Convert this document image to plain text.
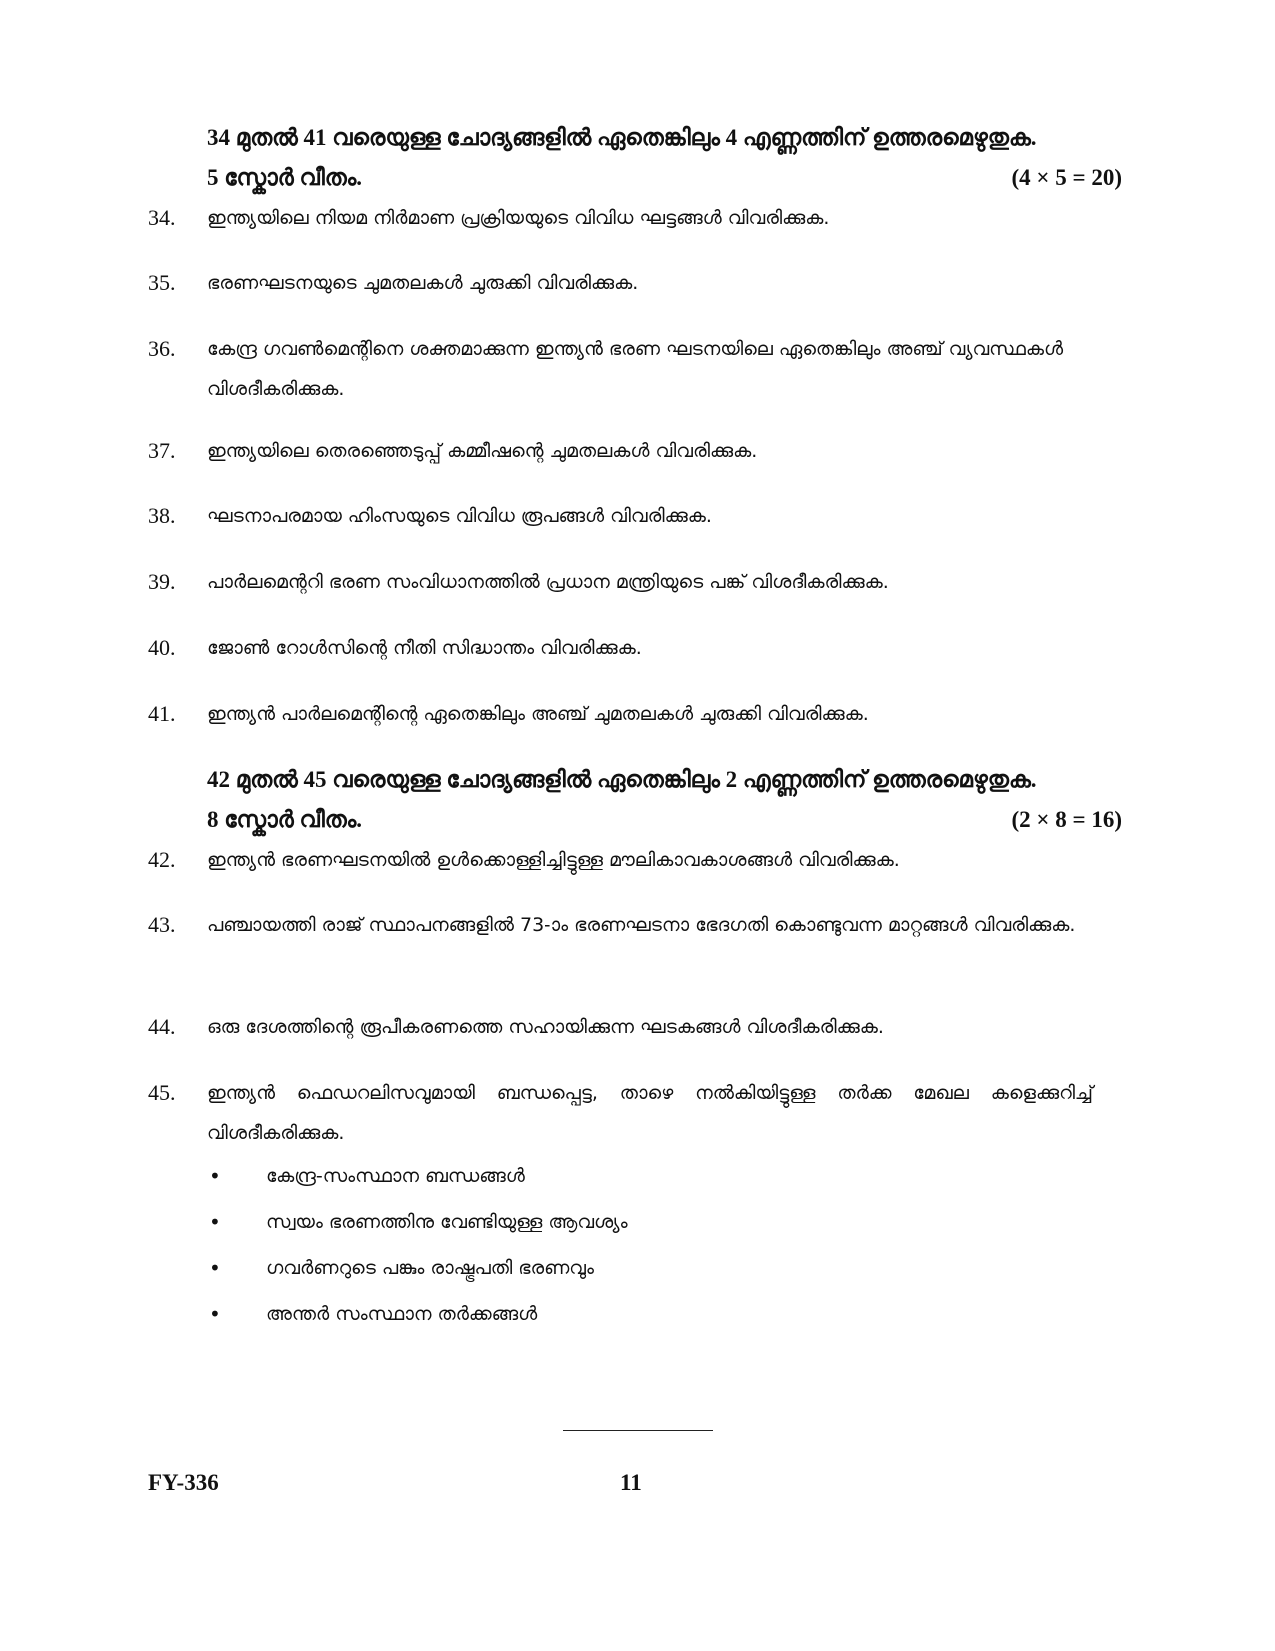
34 മുതൽ 41 വരെയുള്ള ചോദ്യങ്ങളിൽ ഏതെങ്കിലും 4 എണ്ണത്തിന് ഉത്തരമെഴുതുക.
5 സ്കോർ വീതം.	(4 × 5 = 20)
34.	ഇന്ത്യയിലെ നിയമ നിർമാണ പ്രക്രിയയുടെ വിവിധ ഘട്ടങ്ങൾ വിവരിക്കുക.
35.	ഭരണഘടനയുടെ ചുമതലകൾ ചുരുക്കി വിവരിക്കുക.
36.	കേന്ദ്ര ഗവൺമെന്റിനെ ശക്തമാക്കുന്ന ഇന്ത്യൻ ഭരണ ഘടനയിലെ ഏതെങ്കിലും അഞ്ച് വ്യവസ്ഥകൾ വിശദീകരിക്കുക.
37.	ഇന്ത്യയിലെ തെരഞ്ഞെടുപ്പ് കമ്മീഷന്റെ ചുമതലകൾ വിവരിക്കുക.
38.	ഘടനാപരമായ ഹിംസയുടെ വിവിധ രൂപങ്ങൾ വിവരിക്കുക.
39.	പാർലമെന്ററി ഭരണ സംവിധാനത്തിൽ പ്രധാന മന്ത്രിയുടെ പങ്ക് വിശദീകരിക്കുക.
40.	ജോൺ റോൾസിന്റെ നീതി സിദ്ധാന്തം വിവരിക്കുക.
41.	ഇന്ത്യൻ പാർലമെന്റിന്റെ ഏതെങ്കിലും അഞ്ച് ചുമതലകൾ ചുരുക്കി വിവരിക്കുക.
42 മുതൽ 45 വരെയുള്ള ചോദ്യങ്ങളിൽ ഏതെങ്കിലും 2 എണ്ണത്തിന് ഉത്തരമെഴുതുക.
8 സ്കോർ വീതം.	(2 × 8 = 16)
42.	ഇന്ത്യൻ ഭരണഘടനയിൽ ഉൾക്കൊള്ളിച്ചിട്ടുള്ള മൗലികാവകാശങ്ങൾ വിവരിക്കുക.
43.	പഞ്ചായത്തി രാജ് സ്ഥാപനങ്ങളിൽ 73-ാം ഭരണഘടനാ ഭേദഗതി കൊണ്ടുവന്ന മാറ്റങ്ങൾ വിവരിക്കുക.
44.	ഒരു ദേശത്തിന്റെ രൂപീകരണത്തെ സഹായിക്കുന്ന ഘടകങ്ങൾ വിശദീകരിക്കുക.
45.	ഇന്ത്യൻ ഫെഡറലിസവുമായി ബന്ധപ്പെട്ട, താഴെ നൽകിയിട്ടുള്ള തർക്ക മേഖല കളെക്കുറിച്ച് വിശദീകരിക്കുക.
•	കേന്ദ്ര-സംസ്ഥാന ബന്ധങ്ങൾ
•	സ്വയം ഭരണത്തിനു വേണ്ടിയുള്ള ആവശ്യം
•	ഗവർണറുടെ പങ്കും രാഷ്ട്രപതി ഭരണവും
•	അന്തർ സംസ്ഥാന തർക്കങ്ങൾ
FY-336	11
